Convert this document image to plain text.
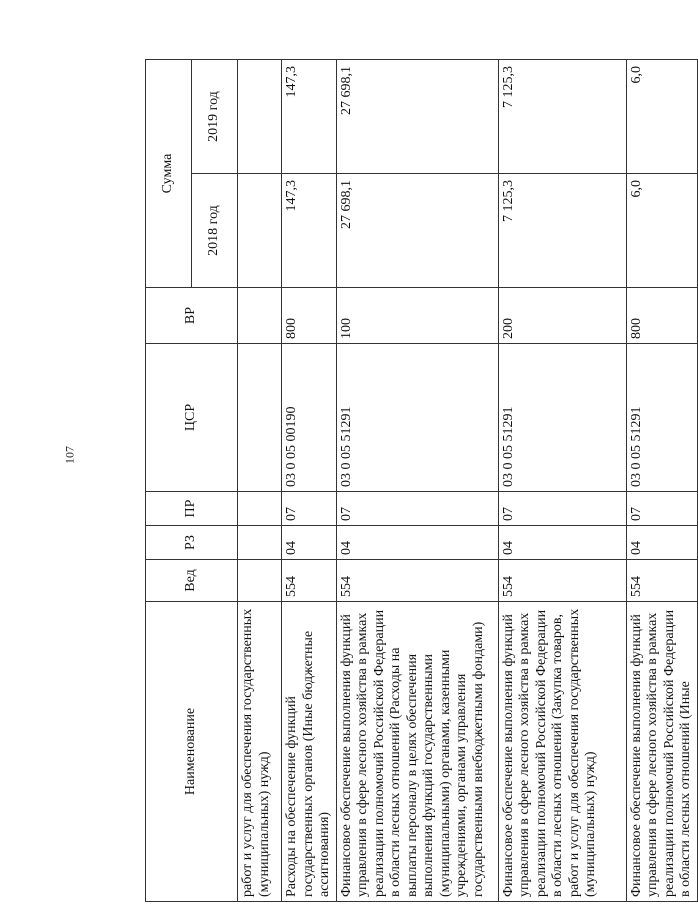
107
Наименование	Вед	РЗ	ПР	ЦСР	ВР	Сумма	
						2018 год	2019 год
работ и услуг для обеспечения государственных (муниципальных) нужд)							
Расходы на обеспечение функций государственных органов (Иные бюджетные ассигнования)	554	04	07	03 0 05 00190	800	147,3	147,3
Финансовое обеспечение выполнения функций управления в сфере лесного хозяйства в рамках реализации полномочий Российской Федерации в области лесных отношений (Расходы на выплаты персоналу в целях обеспечения выполнения функций государственными (муниципальными) органами, казенными учреждениями, органами управления государственными внебюджетными фондами)	554	04	07	03 0 05 51291	100	27 698,1	27 698,1
Финансовое обеспечение выполнения функций управления в сфере лесного хозяйства в рамках реализации полномочий Российской Федерации в области лесных отношений (Закупка товаров, работ и услуг для обеспечения государственных (муниципальных) нужд)	554	04	07	03 0 05 51291	200	7 125,3	7 125,3
Финансовое обеспечение выполнения функций управления в сфере лесного хозяйства в рамках реализации полномочий Российской Федерации в области лесных отношений (Иные	554	04	07	03 0 05 51291	800	6,0	6,0
